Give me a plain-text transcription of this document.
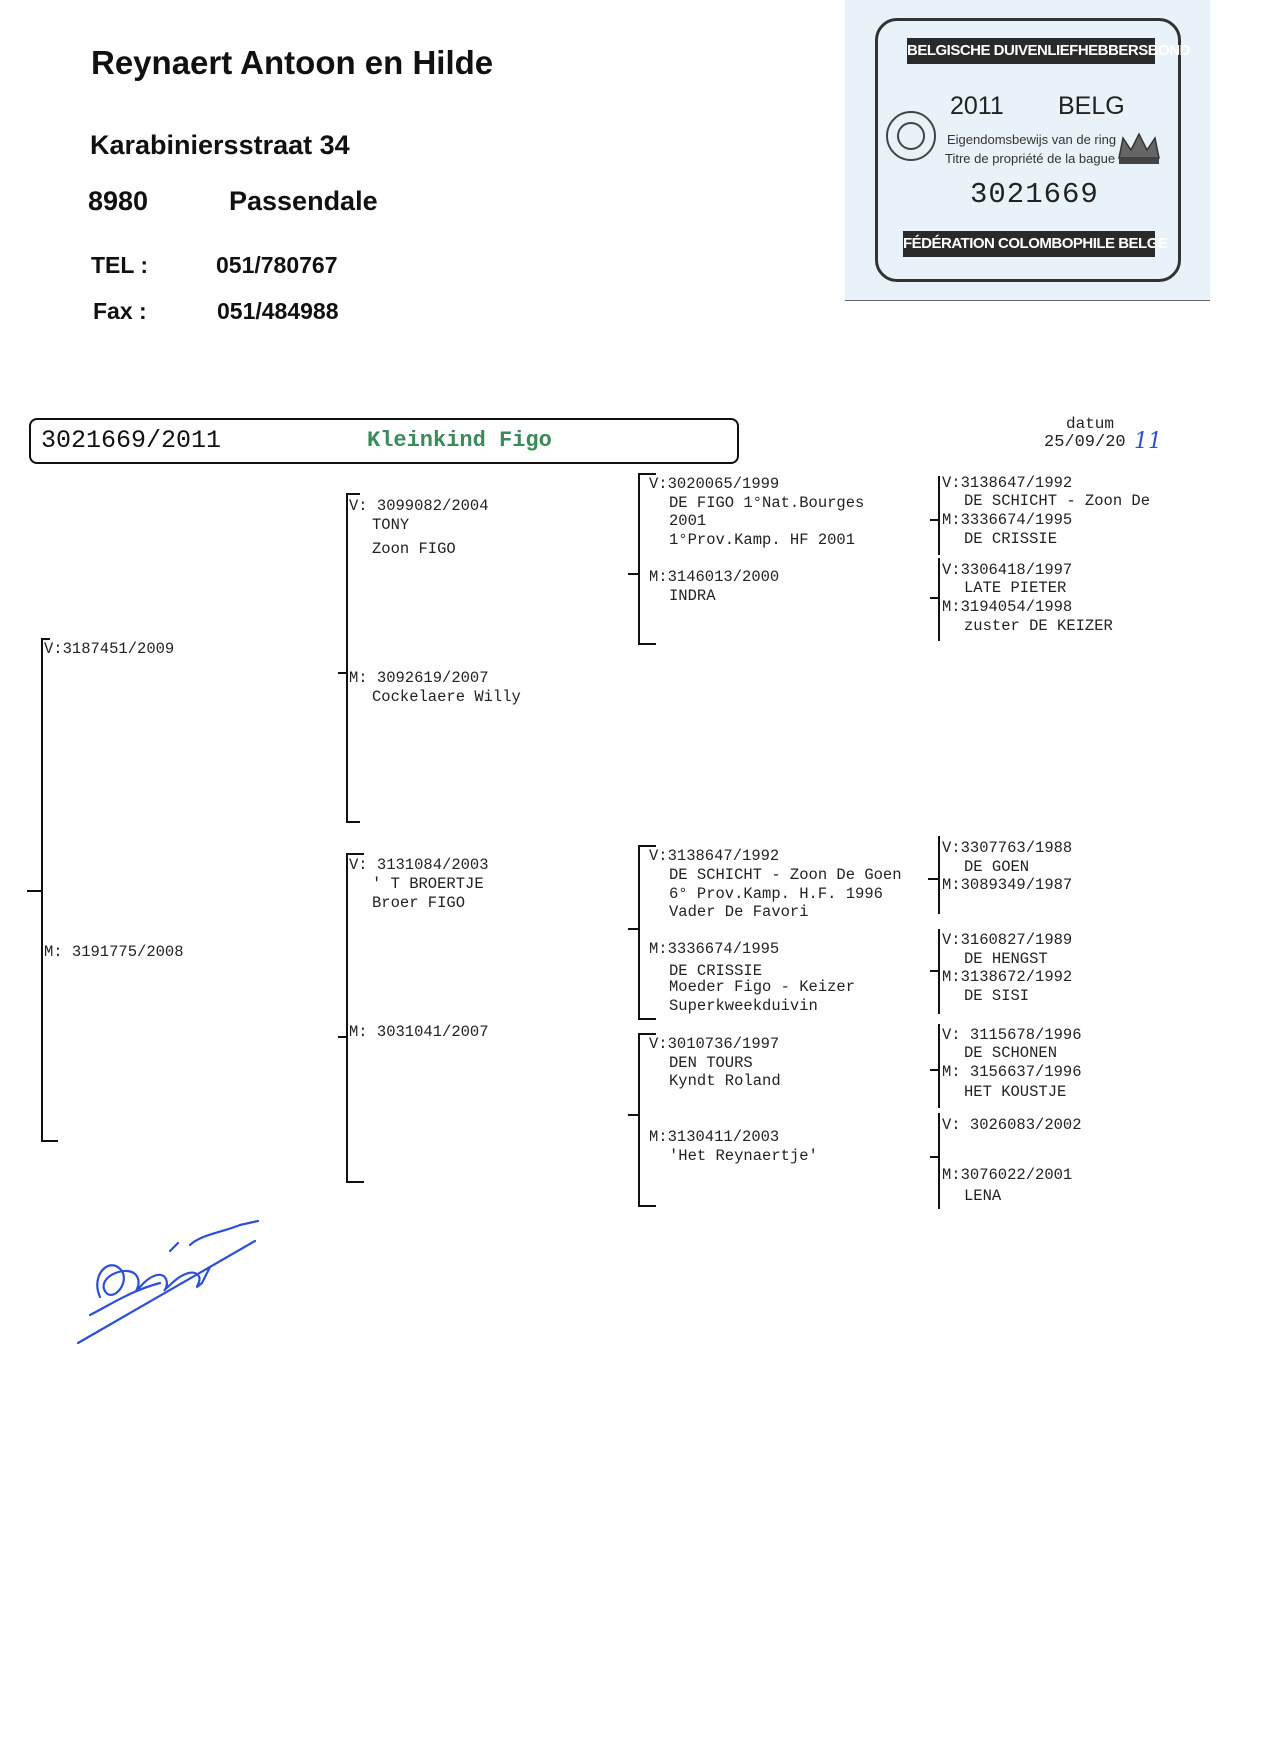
Reynaert Antoon en Hilde
Karabiniersstraat 34
8980	Passendale
TEL :	051/780767
Fax :	051/484988
BELGISCHE DUIVENLIEFHEBBERSBOND
2011 BELG
Eigendomsbewijs van de ring
Titre de propriété de la bague
3021669
FÉDÉRATION COLOMBOPHILE BELGE
3021669/2011	Kleinkind Figo
datum
25/09/20 11
V:3187451/2009
M: 3191775/2008
V: 3099082/2004
TONY
Zoon FIGO
M: 3092619/2007
Cockelaere Willy
V: 3131084/2003
' T BROERTJE
Broer FIGO
M: 3031041/2007
V:3020065/1999
DE FIGO 1°Nat.Bourges
2001
1°Prov.Kamp. HF 2001
M:3146013/2000
INDRA
V:3138647/1992
DE SCHICHT - Zoon De Goen
6° Prov.Kamp. H.F. 1996
Vader De Favori
M:3336674/1995
DE CRISSIE
Moeder Figo - Keizer
Superkweekduivin
V:3010736/1997
DEN TOURS
Kyndt Roland
M:3130411/2003
'Het Reynaertje'
V:3138647/1992
DE SCHICHT - Zoon De
M:3336674/1995
DE CRISSIE
V:3306418/1997
LATE PIETER
M:3194054/1998
zuster DE KEIZER
V:3307763/1988
DE GOEN
M:3089349/1987
V:3160827/1989
DE HENGST
M:3138672/1992
DE SISI
V: 3115678/1996
DE SCHONEN
M: 3156637/1996
HET KOUSTJE
V: 3026083/2002
M:3076022/2001
LENA
